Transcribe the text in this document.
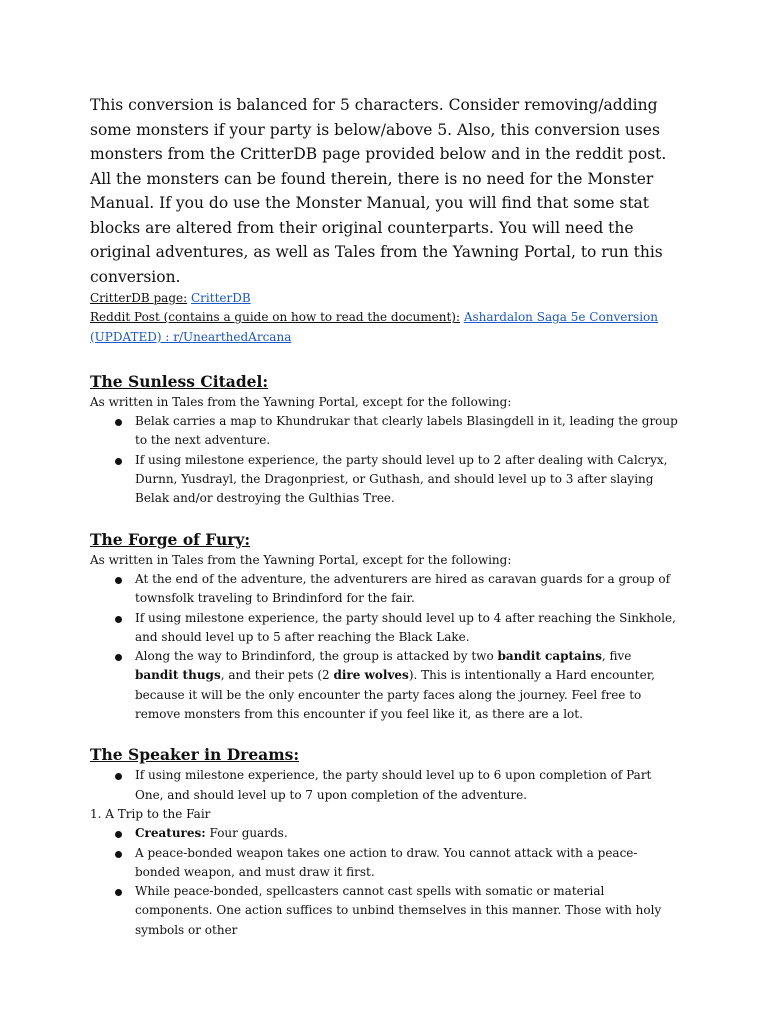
This conversion is balanced for 5 characters. Consider removing/adding some monsters if your party is below/above 5. Also, this conversion uses monsters from the CritterDB page provided below and in the reddit post. All the monsters can be found therein, there is no need for the Monster Manual. If you do use the Monster Manual, you will find that some stat blocks are altered from their original counterparts. You will need the original adventures, as well as Tales from the Yawning Portal, to run this conversion.

CritterDB page: CritterDB
Reddit Post (contains a guide on how to read the document): Ashardalon Saga 5e Conversion (UPDATED) : r/UnearthedArcana
The Sunless Citadel:
As written in Tales from the Yawning Portal, except for the following:
Belak carries a map to Khundrukar that clearly labels Blasingdell in it, leading the group to the next adventure.
If using milestone experience, the party should level up to 2 after dealing with Calcryx, Durnn, Yusdrayl, the Dragonpriest, or Guthash, and should level up to 3 after slaying Belak and/or destroying the Gulthias Tree.
The Forge of Fury:
As written in Tales from the Yawning Portal, except for the following:
At the end of the adventure, the adventurers are hired as caravan guards for a group of townsfolk traveling to Brindinford for the fair.
If using milestone experience, the party should level up to 4 after reaching the Sinkhole, and should level up to 5 after reaching the Black Lake.
Along the way to Brindinford, the group is attacked by two bandit captains, five bandit thugs, and their pets (2 dire wolves). This is intentionally a Hard encounter, because it will be the only encounter the party faces along the journey. Feel free to remove monsters from this encounter if you feel like it, as there are a lot.
The Speaker in Dreams:
If using milestone experience, the party should level up to 6 upon completion of Part One, and should level up to 7 upon completion of the adventure.
1. A Trip to the Fair
Creatures: Four guards.
A peace-bonded weapon takes one action to draw. You cannot attack with a peace-bonded weapon, and must draw it first.
While peace-bonded, spellcasters cannot cast spells with somatic or material components. One action suffices to unbind themselves in this manner. Those with holy symbols or other
